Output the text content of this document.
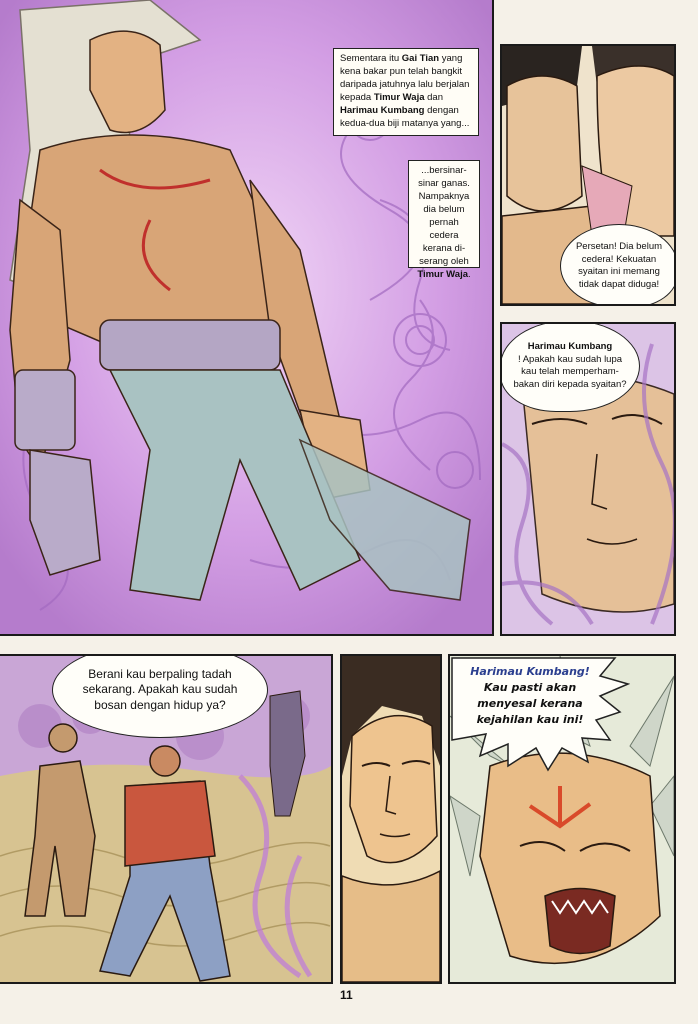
Sementara itu Gai Tian yang kena bakar pun telah bangkit daripada jatuhnya lalu berjalan kepada Timur Waja dan Harimau Kumbang dengan kedua-dua biji matanya yang...
...bersinar-sinar ganas. Nampaknya dia belum pernah cedera kerana di-serang oleh Timur Waja.
Persetan! Dia belum cedera! Kekuatan syaitan ini memang tidak dapat diduga!
Harimau Kumbang
! Apakah kau sudah lupa kau telah memperham-bakan diri kepada syaitan?
Berani kau berpaling tadah sekarang. Apakah kau sudah bosan dengan hidup ya?
Harimau Kumbang!
Kau pasti akan menyesal kerana kejahilan kau ini!
11
